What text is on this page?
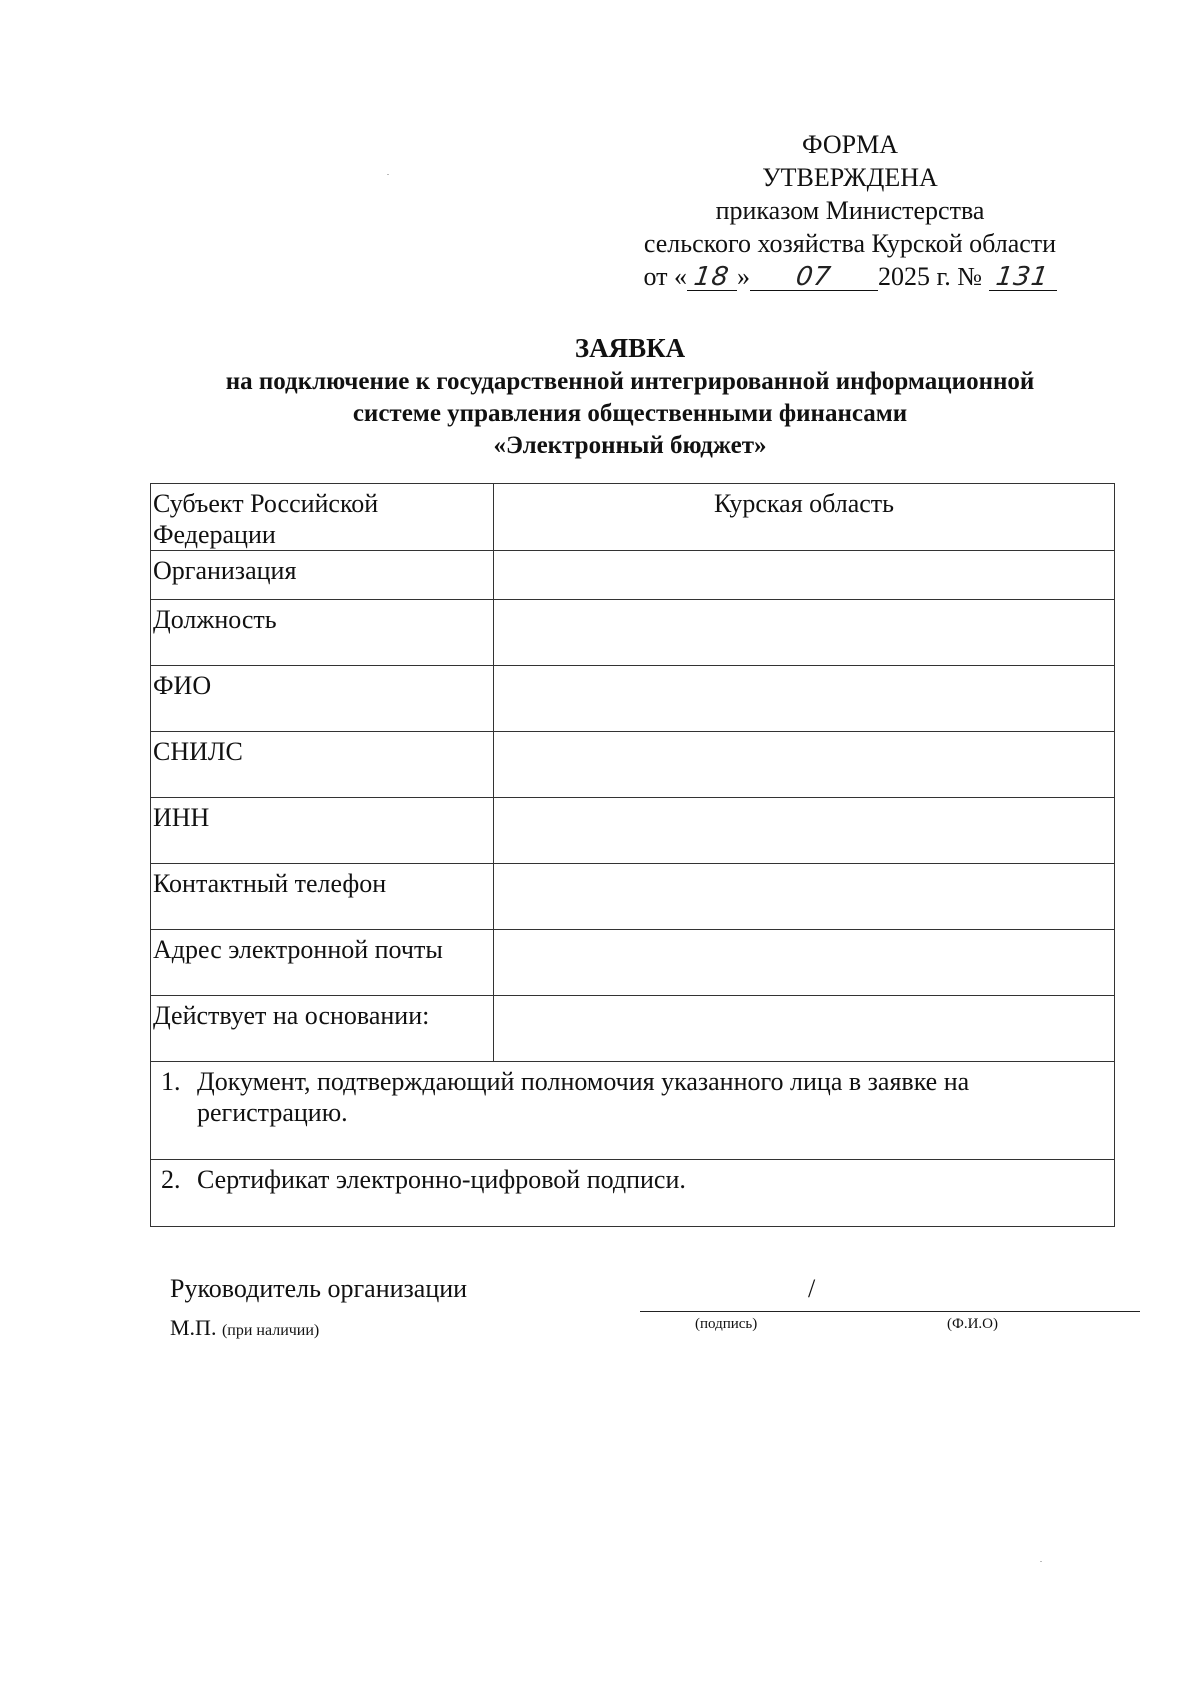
ФОРМА
УТВЕРЖДЕНА
приказом Министерства
сельского хозяйства Курской области
от « 18 » 07 2025 г. № 131
ЗАЯВКА
на подключение к государственной интегрированной информационной
системе управления общественными финансами
«Электронный бюджет»
Субъект Российской Федерации	Курская область
Организация	
Должность	
ФИО	
СНИЛС	
ИНН	
Контактный телефон	
Адрес электронной почты	
Действует на основании:	

1. Документ, подтверждающий полномочия указанного лица в заявке на регистрацию.	

2. Сертификат электронно-цифровой подписи.	
Руководитель организации
М.П. (при наличии)
/
(подпись)	(Ф.И.О)
